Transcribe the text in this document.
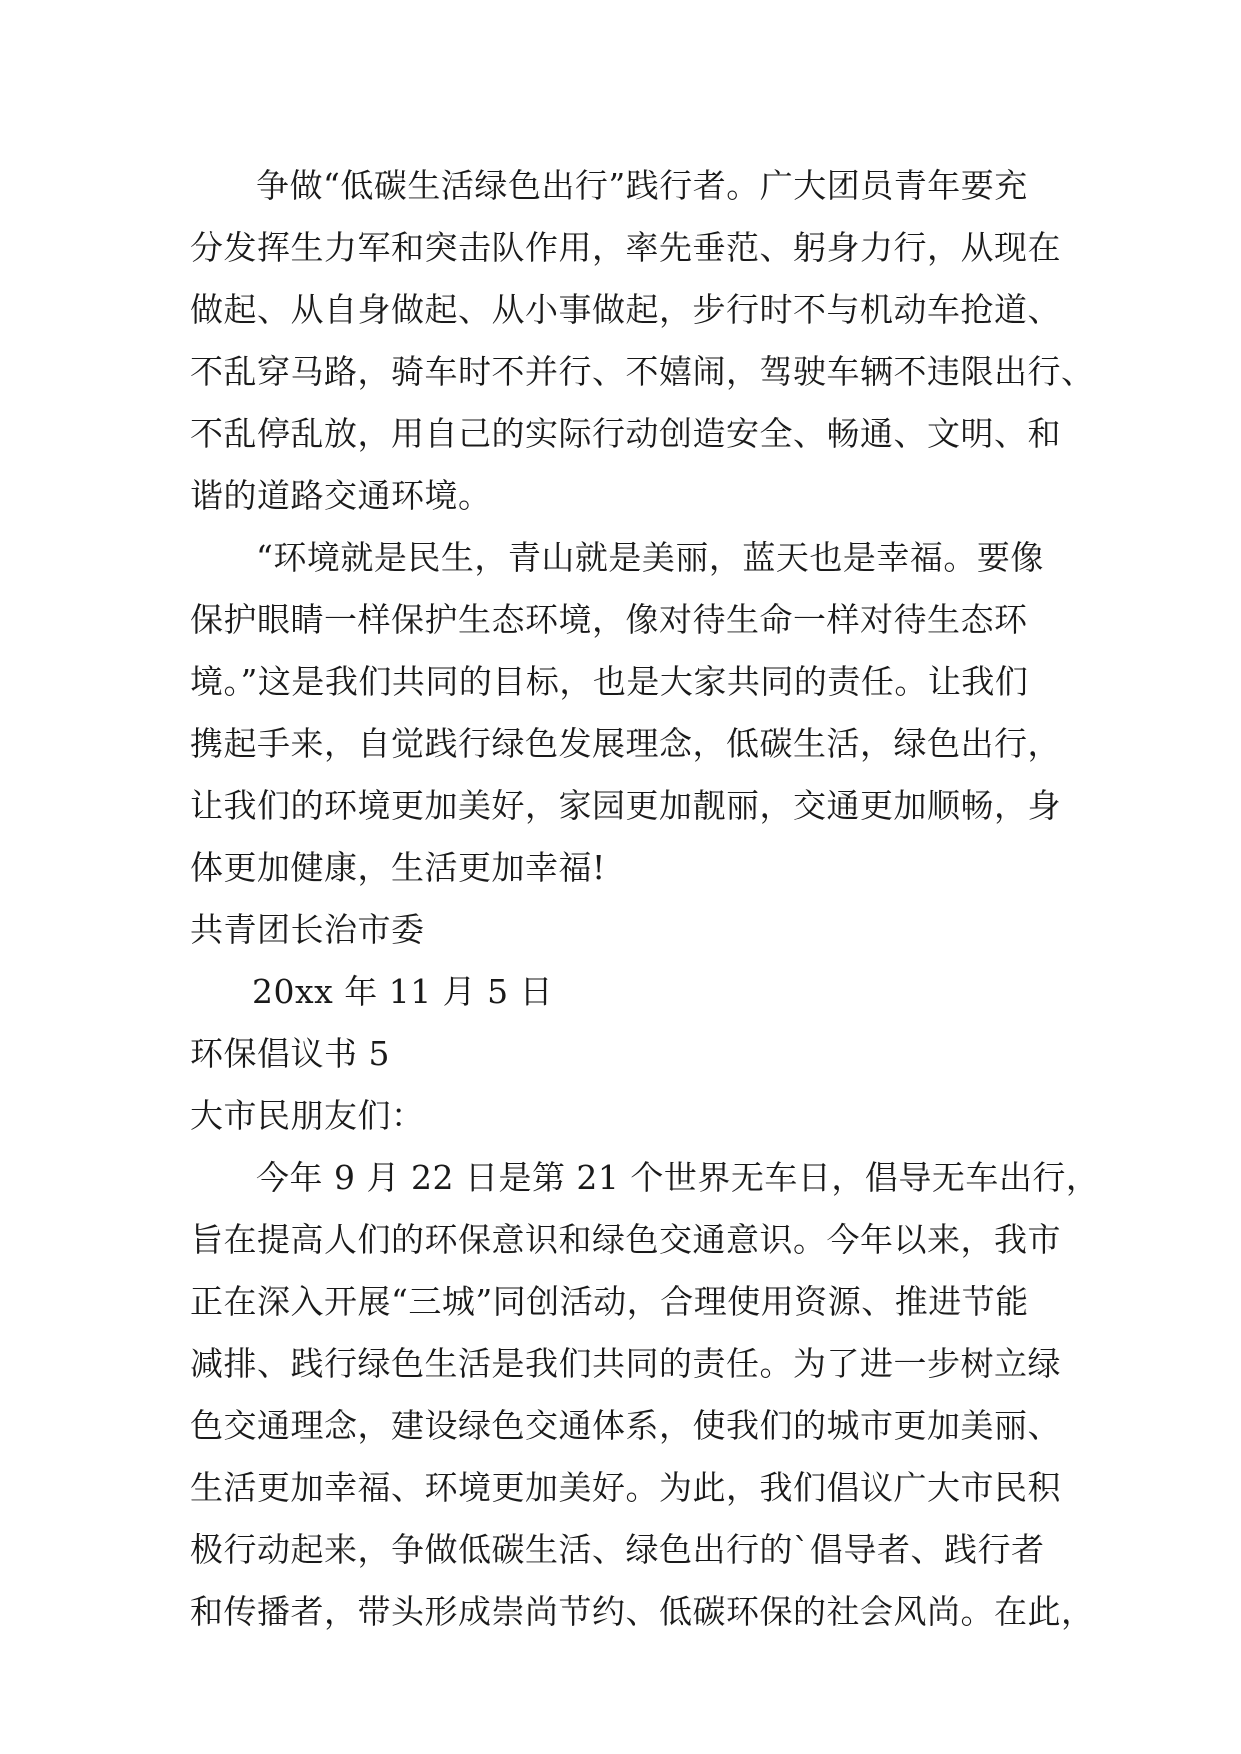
争做“低碳生活绿色出行”践行者。广大团员青年要充
分发挥生力军和突击队作用，率先垂范、躬身力行，从现在
做起、从自身做起、从小事做起，步行时不与机动车抢道、
不乱穿马路，骑车时不并行、不嬉闹，驾驶车辆不违限出行、
不乱停乱放，用自己的实际行动创造安全、畅通、文明、和
谐的道路交通环境。
“环境就是民生，青山就是美丽，蓝天也是幸福。要像
保护眼睛一样保护生态环境，像对待生命一样对待生态环
境。”这是我们共同的目标，也是大家共同的责任。让我们
携起手来，自觉践行绿色发展理念，低碳生活，绿色出行，
让我们的环境更加美好，家园更加靓丽，交通更加顺畅，身
体更加健康，生活更加幸福!
共青团长治市委
20xx 年 11 月 5 日
环保倡议书 5
大市民朋友们：
今年 9 月 22 日是第 21 个世界无车日，倡导无车出行，
旨在提高人们的环保意识和绿色交通意识。今年以来，我市
正在深入开展“三城”同创活动，合理使用资源、推进节能
减排、践行绿色生活是我们共同的责任。为了进一步树立绿
色交通理念，建设绿色交通体系，使我们的城市更加美丽、
生活更加幸福、环境更加美好。为此，我们倡议广大市民积
极行动起来，争做低碳生活、绿色出行的`倡导者、践行者
和传播者，带头形成崇尚节约、低碳环保的社会风尚。在此，
